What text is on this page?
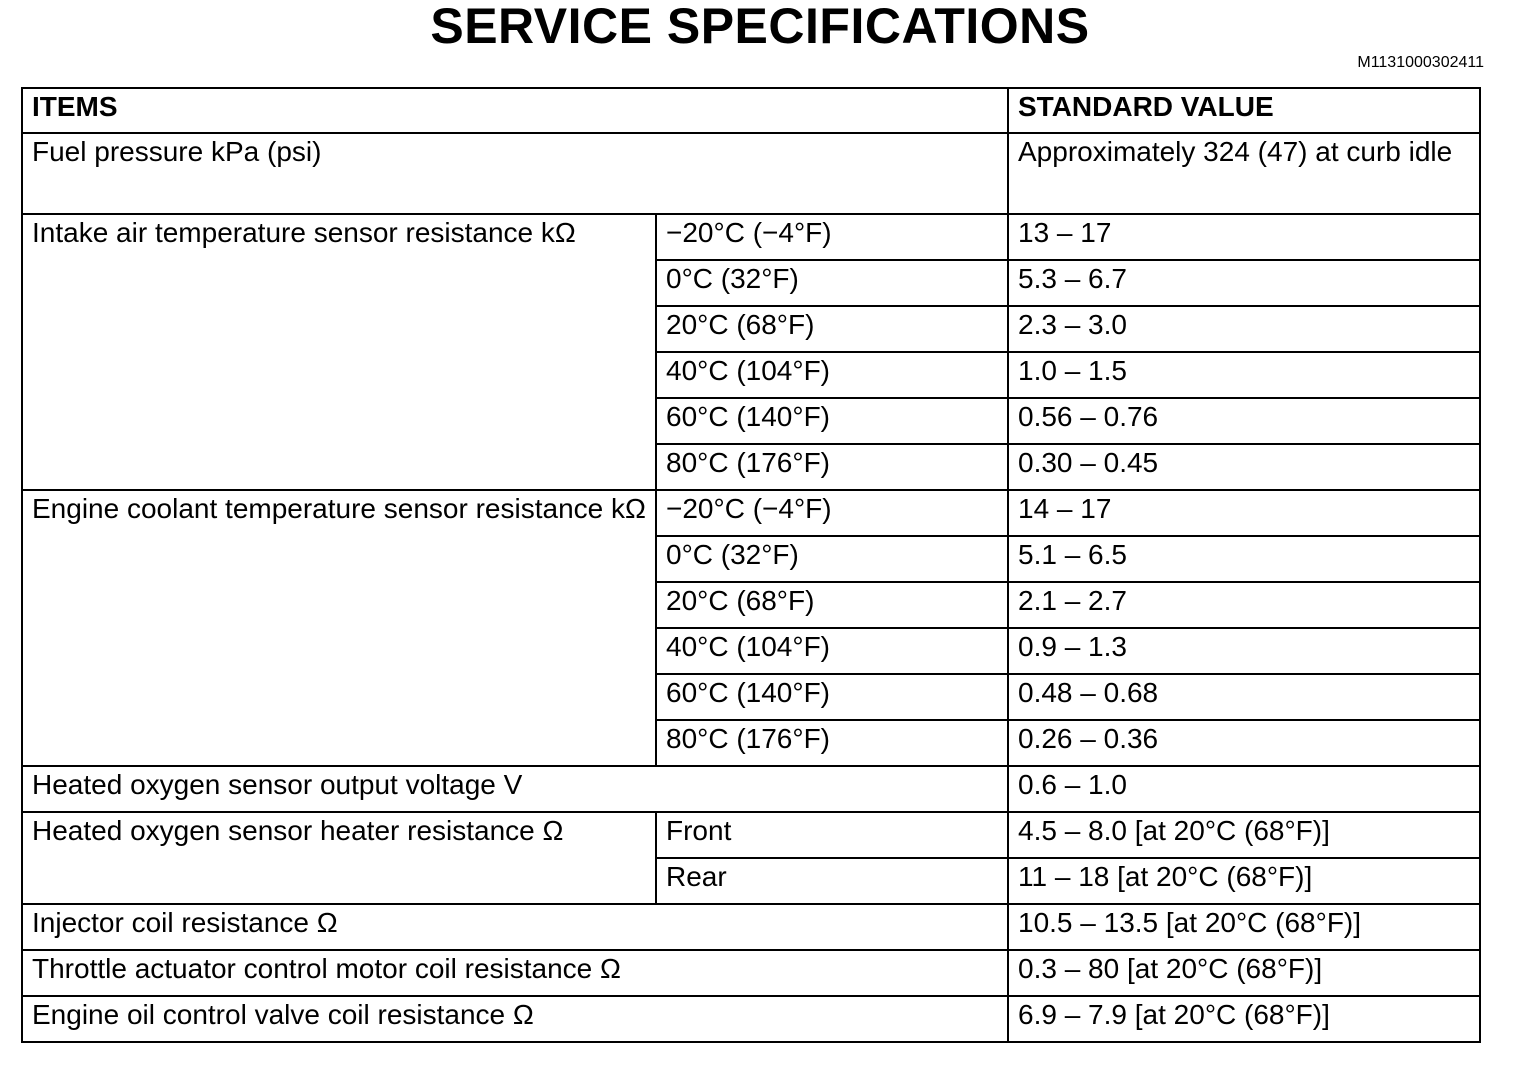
SERVICE SPECIFICATIONS
M1131000302411
ITEMS		STANDARD VALUE
Fuel pressure kPa (psi)		Approximately 324 (47) at curb idle
Intake air temperature sensor resistance kΩ	−20°C (−4°F)	13 – 17
	0°C (32°F)	5.3 – 6.7
	20°C (68°F)	2.3 – 3.0
	40°C (104°F)	1.0 – 1.5
	60°C (140°F)	0.56 – 0.76
	80°C (176°F)	0.30 – 0.45
Engine coolant temperature sensor resistance kΩ	−20°C (−4°F)	14 – 17
	0°C (32°F)	5.1 – 6.5
	20°C (68°F)	2.1 – 2.7
	40°C (104°F)	0.9 – 1.3
	60°C (140°F)	0.48 – 0.68
	80°C (176°F)	0.26 – 0.36
Heated oxygen sensor output voltage V		0.6 – 1.0
Heated oxygen sensor heater resistance Ω	Front	4.5 – 8.0 [at 20°C (68°F)]
	Rear	11 – 18 [at 20°C (68°F)]
Injector coil resistance Ω		10.5 – 13.5 [at 20°C (68°F)]
Throttle actuator control motor coil resistance Ω		0.3 – 80 [at 20°C (68°F)]
Engine oil control valve coil resistance Ω		6.9 – 7.9 [at 20°C (68°F)]
